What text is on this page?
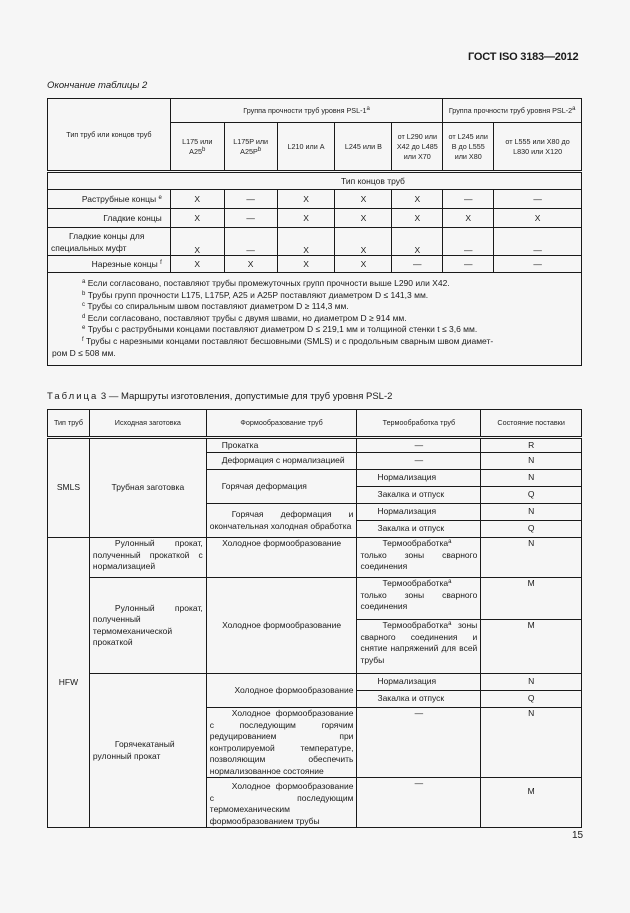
ГОСТ ISO 3183—2012
Окончание таблицы 2
Тип труб или концов труб	Группа прочности труб уровня PSL-1$^a$					Группа прочности труб уровня PSL-2$^a$
	L175 или A25$^b$	L175P или $A25P^b$	L210 или A	L245 или B	от L290 или X42 до L485 или X70	от L245 или B до L555 или X80	от L555 или X80 до L830 или X120
Тип концов труб							
Раструбные концы $^e$	X	—	X	X	X	—	—
Гладкие концы	X	—	X	X	X	X	X
Гладкие концы для специальных муфт	X	—	X	X	X	—	—
Нарезные концы $^f$	X	X	X	X	—	—	—

$^a$ Если согласовано, поставляют трубы промежуточных групп прочности выше L290 или X42.
$^b$ Трубы групп прочности L175, L175P, A25 и A25P поставляют диаметром D ≤ 141,3 мм.
$^c$ Трубы со спиральным швом поставляют диаметром D ≥ 114,3 мм.
$^d$ Если согласовано, поставляют трубы с двумя швами, но диаметром D ≥ 914 мм.
$^e$ Трубы с раструбными концами поставляют диаметром D ≤ 219,1 мм и толщиной стенки t ≤ 3,6 мм.
$^f$ Трубы с нарезными концами поставляют бесшовными (SMLS) и с продольным сварным швом диамет-
ром D ≤ 508 мм.
Таблица 3 — Маршруты изготовления, допустимые для труб уровня PSL-2
Тип труб	Исходная заготовка	Формообразование труб	Термообработка труб	Состояние поставки
SMLS	Трубная заготовка	Прокатка	—	R
		Деформация с нормализацией	—	N
		Горячая деформация	Нормализация	N
			Закалка и отпуск	Q
		Горячая деформация и окончательная холодная обработка	Нормализация	N
			Закалка и отпуск	Q
HFW	Рулонный прокат, полученный прокаткой с нормализацией	Холодное формообразование	Термообработка$^a$ только зоны сварного соединения	N
	Рулонный прокат, полученный термомеханической прокаткой	Холодное формообразование	Термообработка$^a$ только зоны сварного соединения	M
			Термообработка$^a$ зоны сварного соединения и снятие напряжений для всей трубы	M
	Горячекатаный рулонный прокат	Холодное формообразование	Нормализация	N
			Закалка и отпуск	Q
		Холодное формообразование с последующим горячим редуцированием при контролируемой температуре, позволяющим обеспечить нормализованное состояние	—	N

		Холодное формообразование с последующим термомеханическим формообразованием трубы	—	M
15
